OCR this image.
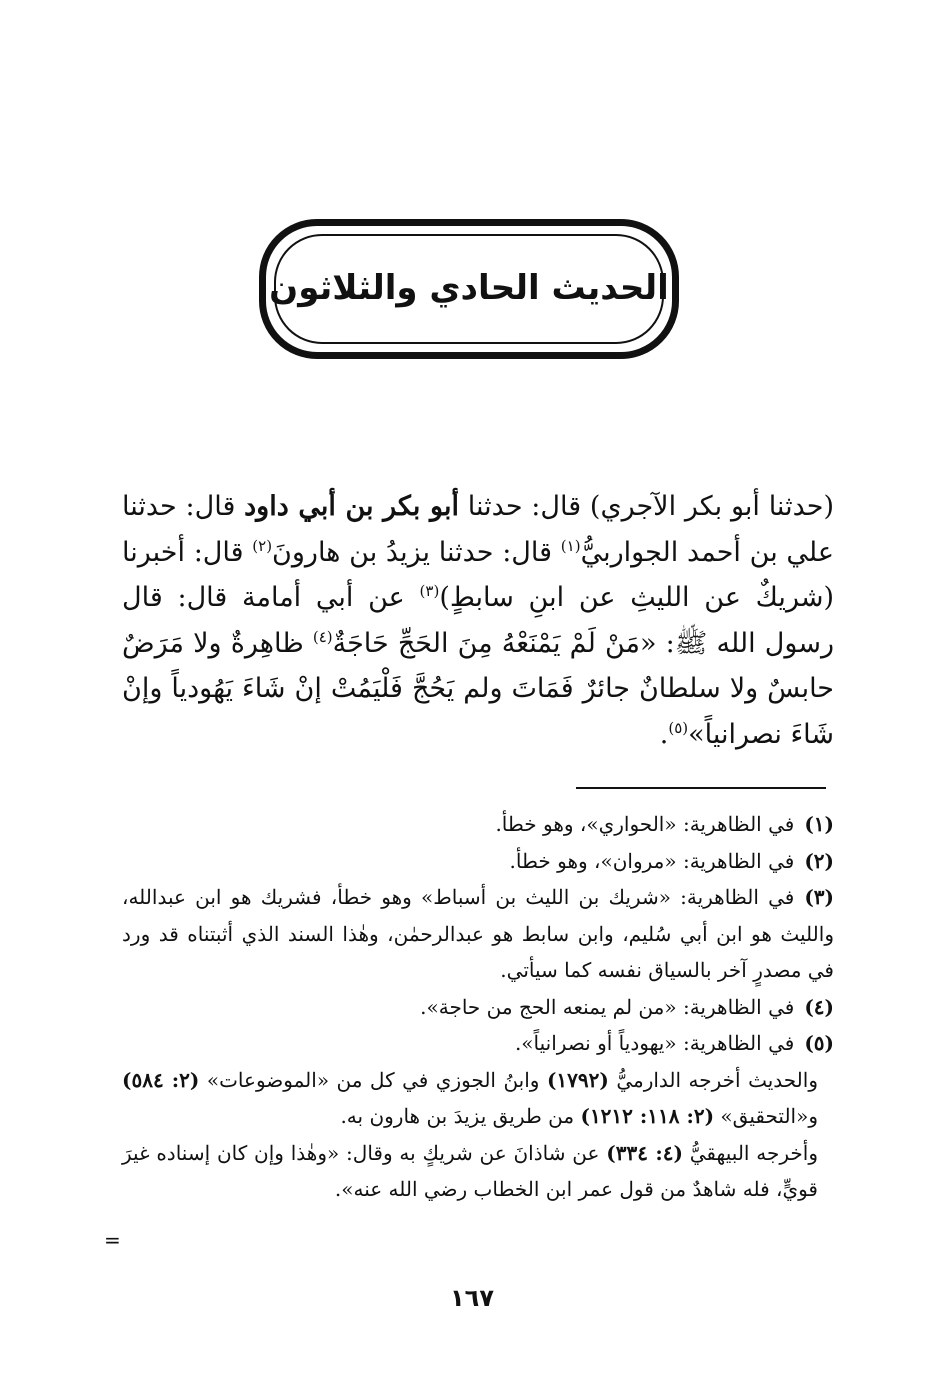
الحديث الحادي والثلاثون
(حدثنا أبو بكر الآجري) قال: حدثنا أبو بكر بن أبي داود قال: حدثنا علي بن أحمد الجواربيُّ$^{(١)}$ قال: حدثنا يزيدُ بن هارونَ$^{(٢)}$ قال: أخبرنا (شريكٌ عن الليثِ عن ابنِ سابطٍ)$^{(٣)}$ عن أبي أمامة قال: قال رسول الله ﷺ: «مَنْ لَمْ يَمْنَعْهُ مِنَ الحَجِّ حَاجَةٌ$^{(٤)}$ ظاهِرةٌ ولا مَرَضٌ حابسٌ ولا سلطانٌ جائرٌ فَمَاتَ ولم يَحُجَّ فَلْيَمُتْ إنْ شَاءَ يَهُودياً وإنْ شَاءَ نصرانياً»$^{(٥)}$.
(١)في الظاهرية: «الحواري»، وهو خطأ.
(٢)في الظاهرية: «مروان»، وهو خطأ.
(٣)في الظاهرية: «شريك بن الليث بن أسباط» وهو خطأ، فشريك هو ابن عبدالله، والليث هو ابن أبي سُليم، وابن سابط هو عبدالرحمٰن، وهٰذا السند الذي أثبتناه قد ورد في مصدرٍ آخر بالسياق نفسه كما سيأتي.
(٤)في الظاهرية: «من لم يمنعه الحج من حاجة».
(٥)في الظاهرية: «يهودياً أو نصرانياً».
والحديث أخرجه الدارميُّ (١٧٩٢) وابنُ الجوزي في كل من «الموضوعات» (٢: ٥٨٤) و«التحقيق» (٢: ١١٨: ١٢١٢) من طريق يزيدَ بن هارون به.
وأخرجه البيهقيُّ (٤: ٣٣٤) عن شاذانَ عن شريكٍ به وقال: «وهٰذا وإن كان إسناده غيرَ قويٍّ، فله شاهدٌ من قول عمر ابن الخطاب رضي الله عنه».
=
١٦٧
